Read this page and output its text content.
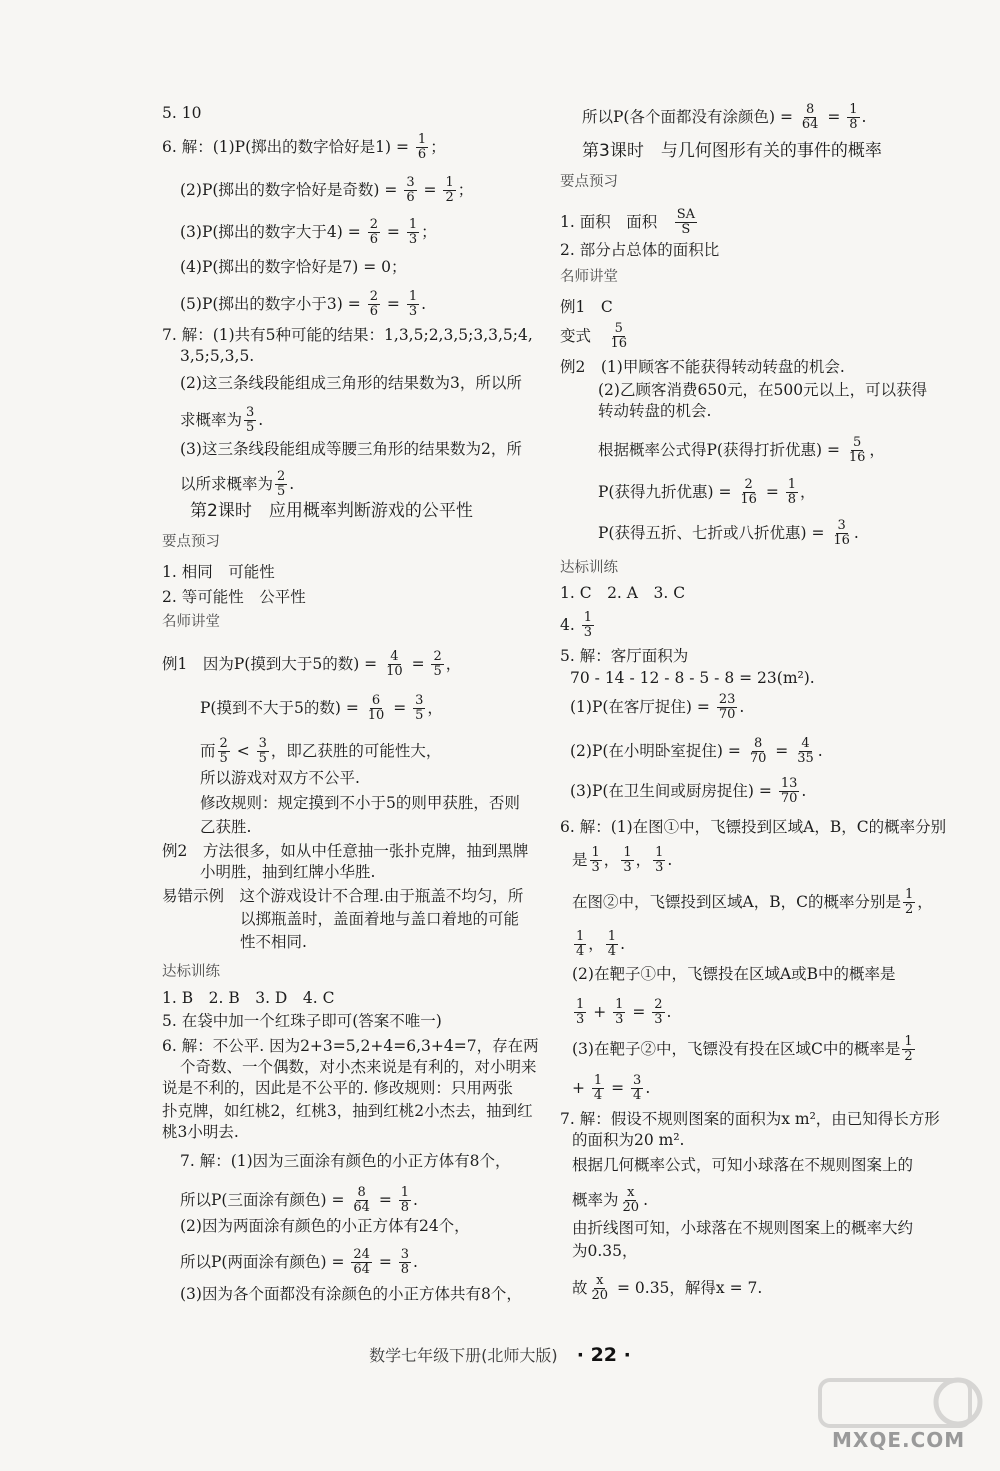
5. 10
6. 解：(1)P(掷出的数字恰好是$1) = \frac{1}{6}$ ；
(2)P(掷出的数字恰好是奇数) = $\frac{3}{6} = \frac{1}{2}$ ；
(3)P(掷出的数字大于$4) = \frac{2}{6} = \frac{1}{3}$ ；
(4)P(掷出的数字恰好是7) = 0；
(5)P(掷出的数字小于$3) = \frac{2}{6} = \frac{1}{3}$ .
7. 解：(1)共有5种可能的结果：1,3,5;2,3,5;3,3,5;4,
3,5;5,3,5.
(2)这三条线段能组成三角形的结果数为3，所以所
求概率为 $\frac{3}{5}$ .
(3)这三条线段能组成等腰三角形的结果数为2，所
以所求概率为 $\frac{2}{5}$ .
第2课时　应用概率判断游戏的公平性
要点预习
1. 相同　可能性
2. 等可能性　公平性
名师讲堂
例1　因为P(摸到大于5的数) = $\frac{4}{10} = \frac{2}{5}$ ，
P(摸到不大于5的数) = $\frac{6}{10} = \frac{3}{5}$ ，
而 $\frac{2}{5} < \frac{3}{5}$ ，即乙获胜的可能性大，
所以游戏对双方不公平.
修改规则：规定摸到不小于5的则甲获胜，否则
乙获胜.
例2　方法很多，如从中任意抽一张扑克牌，抽到黑牌
小明胜，抽到红牌小华胜.
易错示例　这个游戏设计不合理.由于瓶盖不均匀，所
以掷瓶盖时，盖面着地与盖口着地的可能
性不相同.
达标训练
1. B　2. B　3. D　4. C
5. 在袋中加一个红珠子即可(答案不唯一)
6. 解：不公平. 因为2+3=5,2+4=6,3+4=7，存在两
个奇数、一个偶数，对小杰来说是有利的，对小明来
说是不利的，因此是不公平的. 修改规则：只用两张
扑克牌，如红桃2，红桃3，抽到红桃2小杰去，抽到红
桃3小明去.
7. 解：(1)因为三面涂有颜色的小正方体有8个，
所以P(三面涂有颜色) = $\frac{8}{64} = \frac{1}{8}$ .
(2)因为两面涂有颜色的小正方体有24个，
所以P(两面涂有颜色) = $\frac{24}{64} = \frac{3}{8}$ .
(3)因为各个面都没有涂颜色的小正方体共有8个，
所以P(各个面都没有涂颜色) = $\frac{8}{64} = \frac{1}{8}$ .
第3课时　与几何图形有关的事件的概率
要点预习
1. 面积　面积　 $\frac{SA}{S}$
2. 部分占总体的面积比
名师讲堂
例1　C
变式　 $\frac{5}{16}$
例2　(1)甲顾客不能获得转动转盘的机会.
(2)乙顾客消费650元，在500元以上，可以获得
转动转盘的机会.
根据概率公式得P(获得打折优惠) = $\frac{5}{16}$ ，
P(获得九折优惠) = $\frac{2}{16} = \frac{1}{8}$ ，
P(获得五折、七折或八折优惠) = $\frac{3}{16}$ .
达标训练
1. C　2. A　3. C
4. $\frac{1}{3}$
5. 解：客厅面积为
70 - 14 - 12 - 8 - 5 - 8 = 23(m²).
(1)P(在客厅捉住) = $\frac{23}{70}$ .
(2)P(在小明卧室捉住) = $\frac{8}{70} = \frac{4}{35}$ .
(3)P(在卫生间或厨房捉住) = $\frac{13}{70}$ .
6. 解：(1)在图①中，飞镖投到区域A，B，C的概率分别
是 $\frac{1}{3}$ ， $\frac{1}{3}$ ， $\frac{1}{3}$ .
在图②中，飞镖投到区域A，B，C的概率分别是 $\frac{1}{2}$ ，
$\frac{1}{4}$ ， $\frac{1}{4}$ .
(2)在靶子①中，飞镖投在区域A或B中的概率是
$\frac{1}{3} + \frac{1}{3} = \frac{2}{3}$ .
(3)在靶子②中，飞镖没有投在区域C中的概率是 $\frac{1}{2}$
+ $\frac{1}{4} = \frac{3}{4}$ .
7. 解：假设不规则图案的面积为x m²，由已知得长方形
的面积为20 m².
根据几何概率公式，可知小球落在不规则图案上的
概率为 $\frac{x}{20}$ .
由折线图可知，小球落在不规则图案上的概率大约
为0.35，
故 $\frac{x}{20} = 0.35$，解得x = 7.
数学七年级下册(北师大版) · 22 ·
MXQE.COM
